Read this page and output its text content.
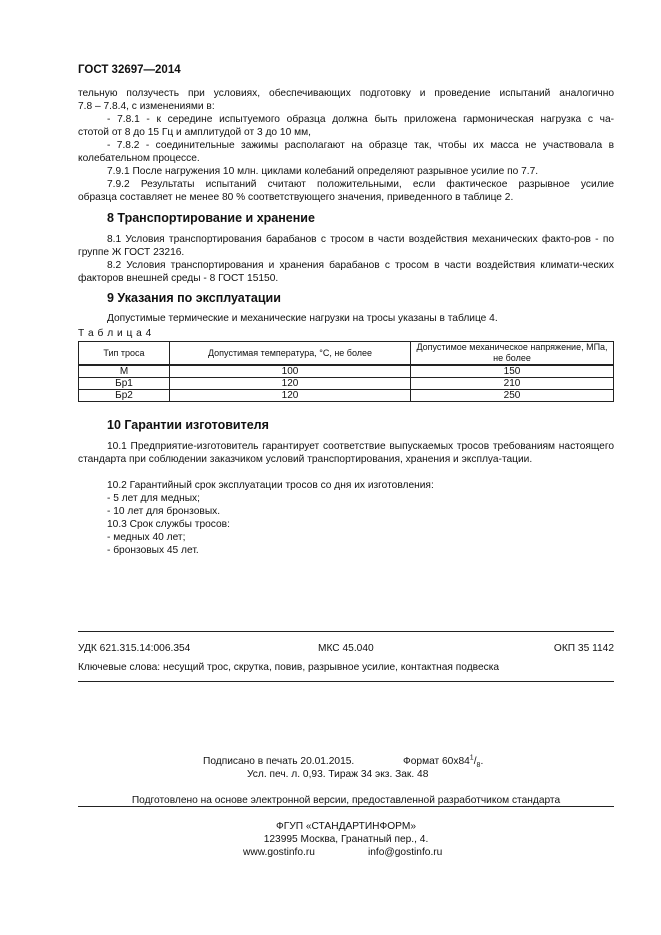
ГОСТ 32697—2014
тельную ползучесть при условиях, обеспечивающих подготовку и проведение испытаний аналогично
7.8 – 7.8.4, с изменениями в:
- 7.8.1 - к середине испытуемого образца должна быть приложена гармоническая нагрузка с ча-
стотой от 8 до 15 Гц и амплитудой от 3 до 10 мм,
- 7.8.2 - соединительные зажимы располагают на образце так, чтобы их масса не участвовала в
колебательном процессе.
7.9.1 После нагружения 10 млн. циклами колебаний определяют разрывное усилие по 7.7.
7.9.2 Результаты испытаний считают положительными, если фактическое разрывное усилие
образца составляет не менее 80 % соответствующего значения, приведенного в таблице 2.
8 Транспортирование и хранение
8.1 Условия транспортирования барабанов с тросом в части воздействия механических факто-ров - по группе Ж ГОСТ 23216.
8.2 Условия транспортирования и хранения барабанов с тросом в части воздействия климати-ческих факторов внешней среды - 8 ГОСТ 15150.
9 Указания по эксплуатации
Допустимые термические и механические нагрузки на тросы указаны в таблице 4.
Т а б л и ц а 4
Тип троса	Допустимая температура, °С, не более	Допустимое механическое напряжение, МПа, не более
М	100	150
Бр1	120	210
Бр2	120	250
10 Гарантии изготовителя
10.1 Предприятие-изготовитель гарантирует соответствие выпускаемых тросов требованиям настоящего стандарта при соблюдении заказчиком условий транспортирования, хранения и эксплуа-тации.
10.2 Гарантийный срок эксплуатации тросов со дня их изготовления:
- 5 лет для медных;
- 10 лет для бронзовых.
10.3 Срок службы тросов:
- медных 40 лет;
- бронзовых 45 лет.
УДК 621.315.14:006.354	МКС 45.040	ОКП 35 1142
Ключевые слова: несущий трос, скрутка, повив, разрывное усилие, контактная подвеска
Подписано в печать 20.01.2015.	Формат $60х84^1/_8$.
Усл. печ. л. 0,93. Тираж 34 экз. Зак. 48
Подготовлено на основе электронной версии, предоставленной разработчиком стандарта
ФГУП «СТАНДАРТИНФОРМ»
123995 Москва, Гранатный пер., 4.
www.gostinfo.ru	info@gostinfo.ru
